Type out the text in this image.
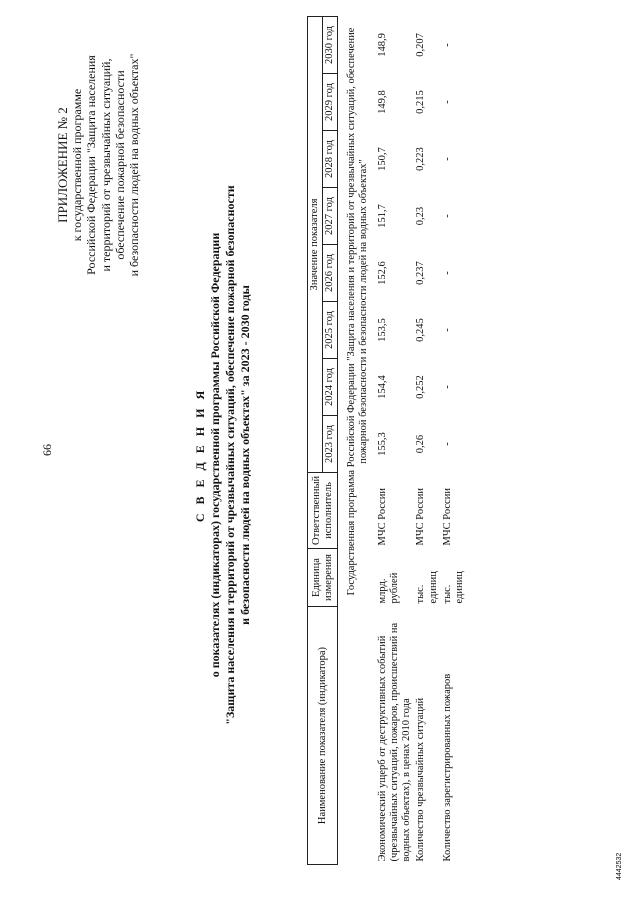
66
ПРИЛОЖЕНИЕ № 2 к государственной программе Российской Федерации "Защита населения и территорий от чрезвычайных ситуаций, обеспечение пожарной безопасности и безопасности людей на водных объектах"
С В Е Д Е Н И Я о показателях (индикаторах) государственной программы Российской Федерации "Защита населения и территорий от чрезвычайных ситуаций, обеспечение пожарной безопасности и безопасности людей на водных объектах" за 2023 - 2030 годы
Наименование показателя (индикатора)	Единица измерения	Ответственный исполнитель	Значение показателя							
			2023 год	2024 год	2025 год	2026 год	2027 год	2028 год	2029 год	2030 год
	Государственная программа Российской Федерации "Защита населения и территорий от чрезвычайных ситуаций, обеспечение пожарной безопасности и безопасности людей на водных объектах"									
Экономический ущерб от деструктивных событий (чрезвычайных ситуаций, пожаров, происшествий на водных объектах), в ценах 2010 года	млрд. рублей	МЧС России	155,3	154,4	153,5	152,6	151,7	150,7	149,8	148,9
Количество чрезвычайных ситуаций	тыс. единиц	МЧС России	0,26	0,252	0,245	0,237	0,23	0,223	0,215	0,207
Количество зарегистрированных пожаров	тыс. единиц	МЧС России	-	-	-	-	-	-	-	-
4442532
